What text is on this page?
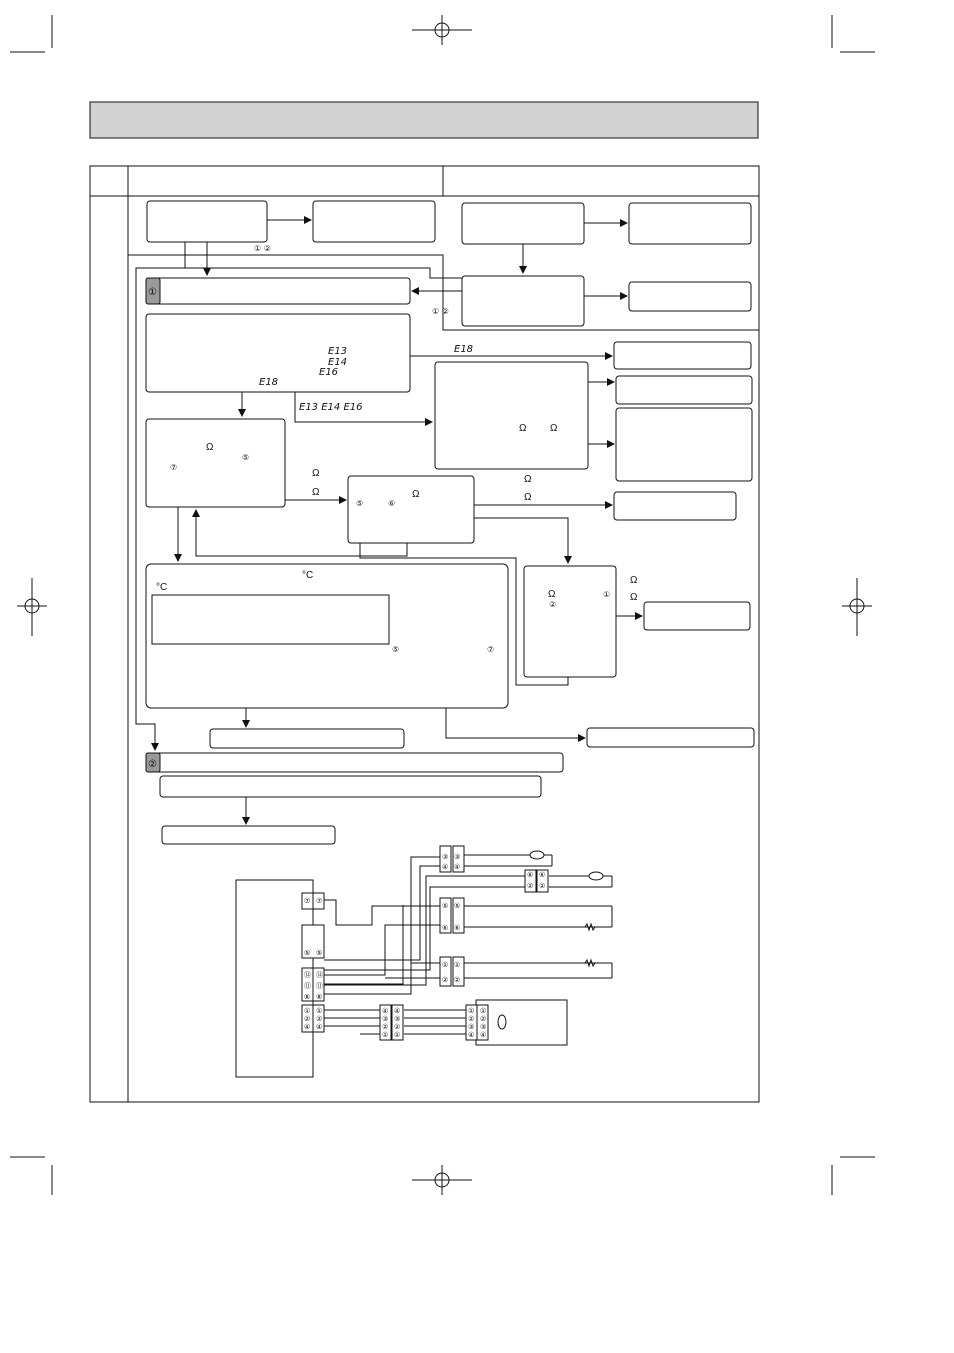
①
②
① ②
① ②
E13
E14
E16
E18
E18
E13 E14 E16
Ω
⑤
⑦
Ω
Ω
Ω Ω
Ω
Ω
Ω
⑤	⑥
°C
°C
⑤	⑦
Ω
②
①
Ω
Ω
③ ③
④ ④
⑥ ⑥
② ②
⑤ ⑤
⑥ ⑥
① ①
② ②
⑦ ⑦
⑤ ⑤
⑭ ⑭
⑪ ⑪
⑧ ⑧
① ①
② ②
④ ④
④ ④
③ ③
② ②
① ①
① ①
② ②
③ ③
④ ④
